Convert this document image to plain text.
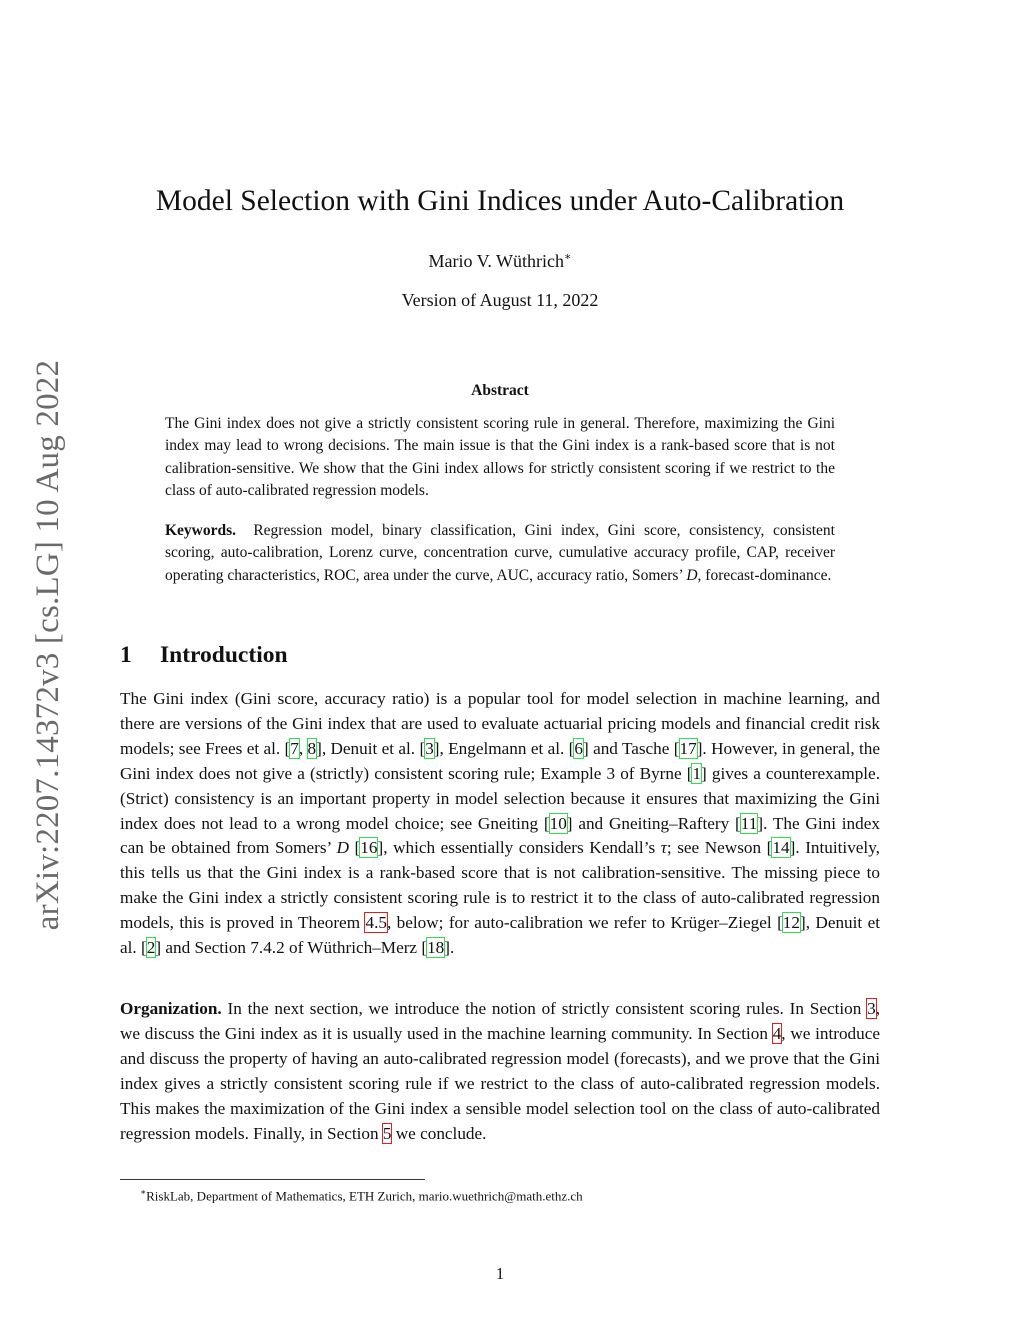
arXiv:2207.14372v3 [cs.LG] 10 Aug 2022
Model Selection with Gini Indices under Auto-Calibration
Mario V. Wüthrich∗
Version of August 11, 2022
Abstract
The Gini index does not give a strictly consistent scoring rule in general. Therefore, maximizing the Gini index may lead to wrong decisions. The main issue is that the Gini index is a rank-based score that is not calibration-sensitive. We show that the Gini index allows for strictly consistent scoring if we restrict to the class of auto-calibrated regression models.
Keywords. Regression model, binary classification, Gini index, Gini score, consistency, consistent scoring, auto-calibration, Lorenz curve, concentration curve, cumulative accuracy profile, CAP, receiver operating characteristics, ROC, area under the curve, AUC, accuracy ratio, Somers’ D, forecast-dominance.
1 Introduction
The Gini index (Gini score, accuracy ratio) is a popular tool for model selection in machine learning, and there are versions of the Gini index that are used to evaluate actuarial pricing models and financial credit risk models; see Frees et al. [7, 8], Denuit et al. [3], Engelmann et al. [6] and Tasche [17]. However, in general, the Gini index does not give a (strictly) consistent scoring rule; Example 3 of Byrne [1] gives a counterexample. (Strict) consistency is an important property in model selection because it ensures that maximizing the Gini index does not lead to a wrong model choice; see Gneiting [10] and Gneiting–Raftery [11]. The Gini index can be obtained from Somers’ D [16], which essentially considers Kendall’s τ; see Newson [14]. Intuitively, this tells us that the Gini index is a rank-based score that is not calibration-sensitive. The missing piece to make the Gini index a strictly consistent scoring rule is to restrict it to the class of auto-calibrated regression models, this is proved in Theorem 4.5, below; for auto-calibration we refer to Krüger–Ziegel [12], Denuit et al. [2] and Section 7.4.2 of Wüthrich–Merz [18].
Organization. In the next section, we introduce the notion of strictly consistent scoring rules. In Section 3, we discuss the Gini index as it is usually used in the machine learning community. In Section 4, we introduce and discuss the property of having an auto-calibrated regression model (forecasts), and we prove that the Gini index gives a strictly consistent scoring rule if we restrict to the class of auto-calibrated regression models. This makes the maximization of the Gini index a sensible model selection tool on the class of auto-calibrated regression models. Finally, in Section 5 we conclude.
∗RiskLab, Department of Mathematics, ETH Zurich, mario.wuethrich@math.ethz.ch
1
